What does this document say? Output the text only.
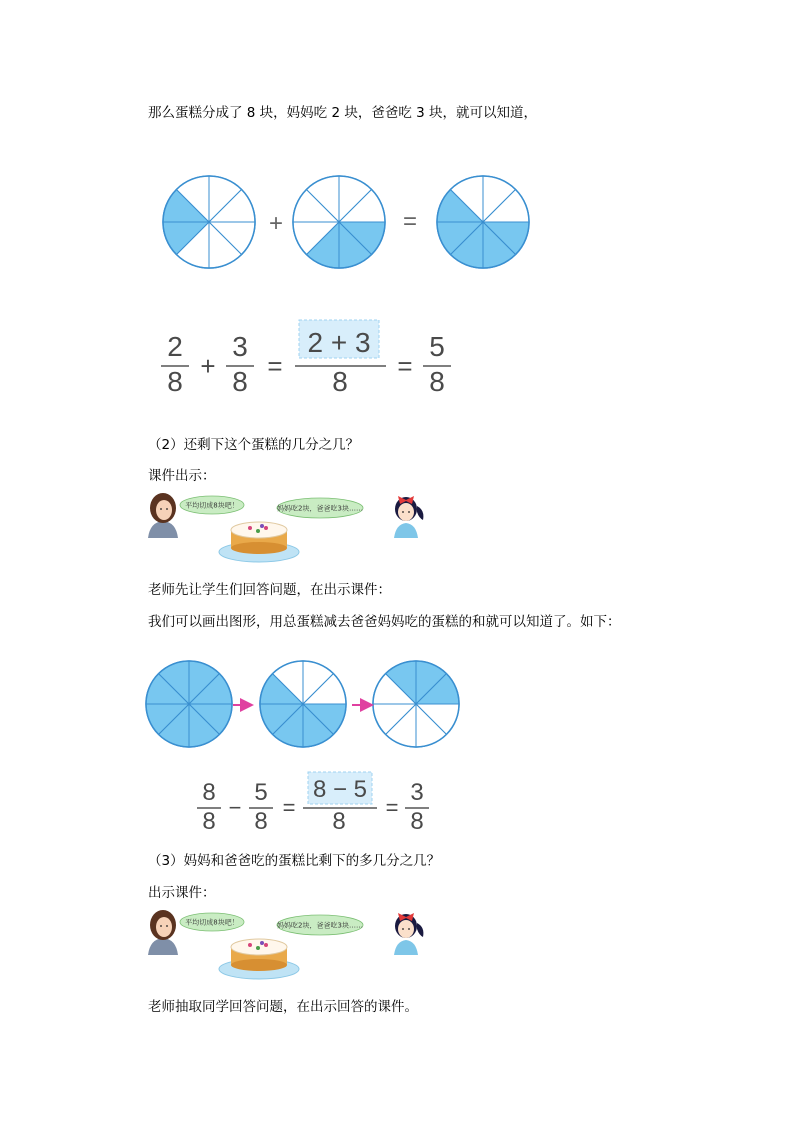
那么蛋糕分成了 8 块，妈妈吃 2 块，爸爸吃 3 块，就可以知道，
（2）还剩下这个蛋糕的几分之几？
课件出示：
老师先让学生们回答问题，在出示课件：
我们可以画出图形，用总蛋糕减去爸爸妈妈吃的蛋糕的和就可以知道了。如下：
（3）妈妈和爸爸吃的蛋糕比剩下的多几分之几？
出示课件：
老师抽取同学回答问题，在出示回答的课件。
+	=
2
8 +
3
8 =
2 + 3
8 =
5
8
平均切成8块吧！	妈妈吃2块，爸爸吃3块……
8
8
−
5
8
=
8 − 5
8
=
3
8
平均切成8块吧！	妈妈吃2块，爸爸吃3块……
